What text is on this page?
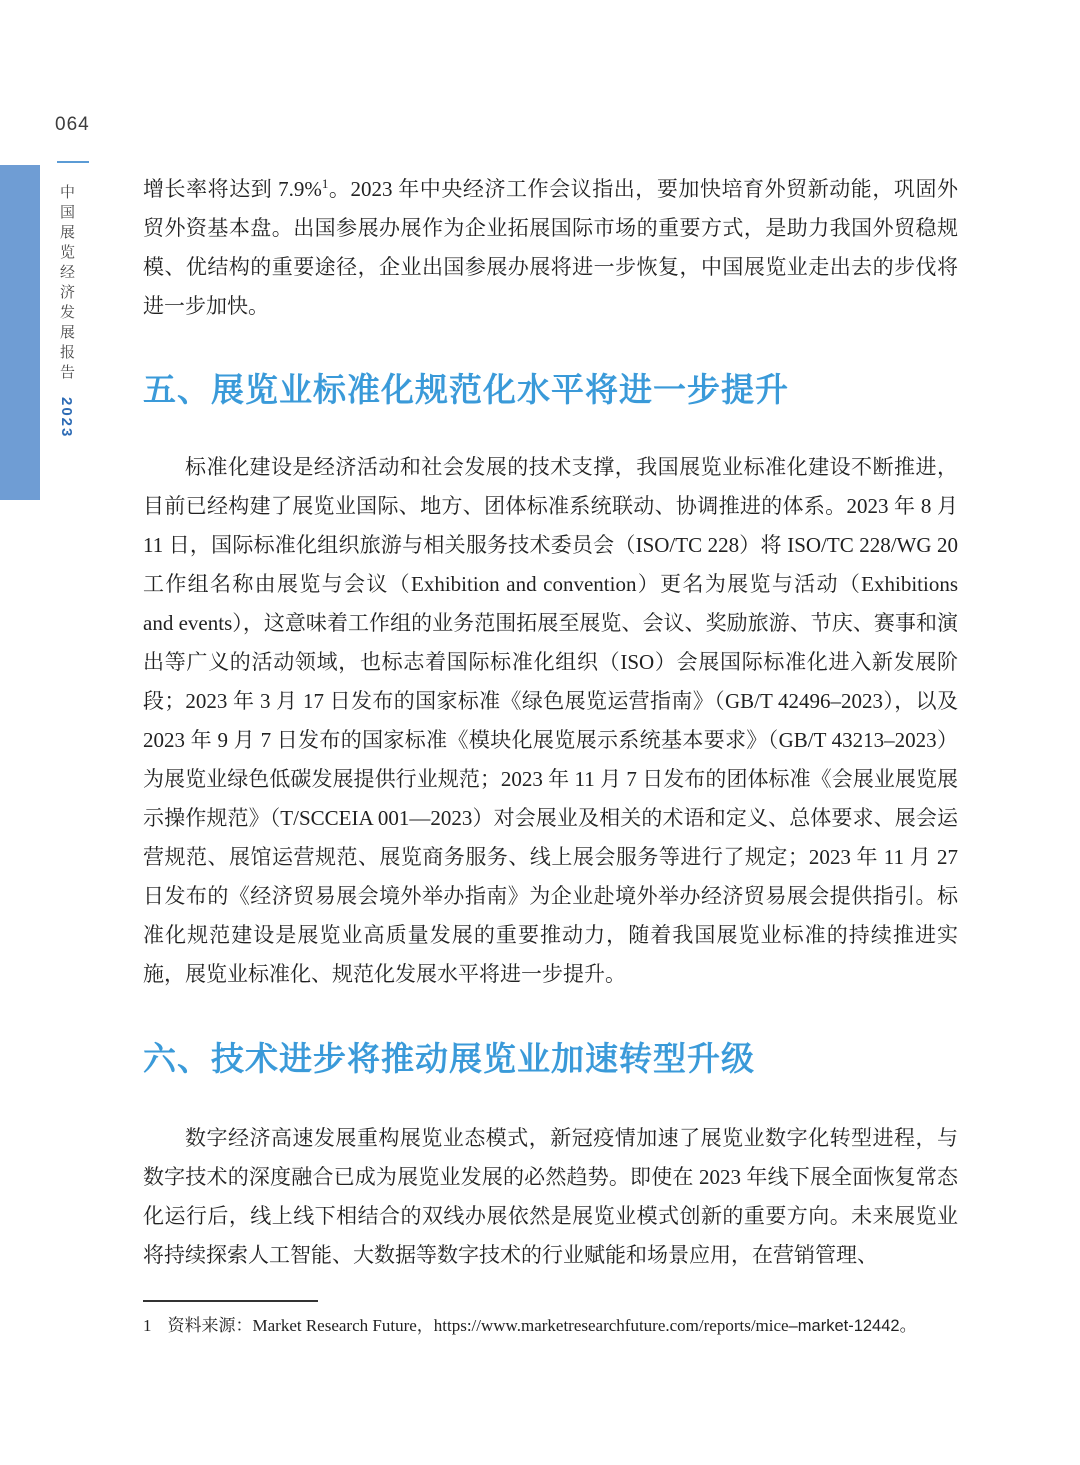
064
中国展览经济发展报告 2023

增长率将达到 7.9%$^1$。2023 年中央经济工作会议指出，要加快培育外贸新动能，巩固外贸外资基本盘。出国参展办展作为企业拓展国际市场的重要方式，是助力我国外贸稳规模、优结构的重要途径，企业出国参展办展将进一步恢复，中国展览业走出去的步伐将进一步加快。

五、展览业标准化规范化水平将进一步提升

标准化建设是经济活动和社会发展的技术支撑，我国展览业标准化建设不断推进，目前已经构建了展览业国际、地方、团体标准系统联动、协调推进的体系。2023 年 8 月 11 日，国际标准化组织旅游与相关服务技术委员会（ISO/TC 228）将 ISO/TC 228/WG 20 工作组名称由展览与会议（Exhibition and convention）更名为展览与活动（Exhibitions and events），这意味着工作组的业务范围拓展至展览、会议、奖励旅游、节庆、赛事和演出等广义的活动领域，也标志着国际标准化组织（ISO）会展国际标准化进入新发展阶段；2023 年 3 月 17 日发布的国家标准《绿色展览运营指南》（GB/T 42496–2023），以及 2023 年 9 月 7 日发布的国家标准《模块化展览展示系统基本要求》（GB/T 43213–2023）为展览业绿色低碳发展提供行业规范；2023 年 11 月 7 日发布的团体标准《会展业展览展示操作规范》（T/SCCEIA 001—2023）对会展业及相关的术语和定义、总体要求、展会运营规范、展馆运营规范、展览商务服务、线上展会服务等进行了规定；2023 年 11 月 27 日发布的《经济贸易展会境外举办指南》为企业赴境外举办经济贸易展会提供指引。标准化规范建设是展览业高质量发展的重要推动力，随着我国展览业标准的持续推进实施，展览业标准化、规范化发展水平将进一步提升。

六、技术进步将推动展览业加速转型升级

数字经济高速发展重构展览业态模式，新冠疫情加速了展览业数字化转型进程，与数字技术的深度融合已成为展览业发展的必然趋势。即使在 2023 年线下展全面恢复常态化运行后，线上线下相结合的双线办展依然是展览业模式创新的重要方向。未来展览业将持续探索人工智能、大数据等数字技术的行业赋能和场景应用，在营销管理、

1 资料来源：Market Research Future，https://www.marketresearchfuture.com/reports/mice–market-12442。
